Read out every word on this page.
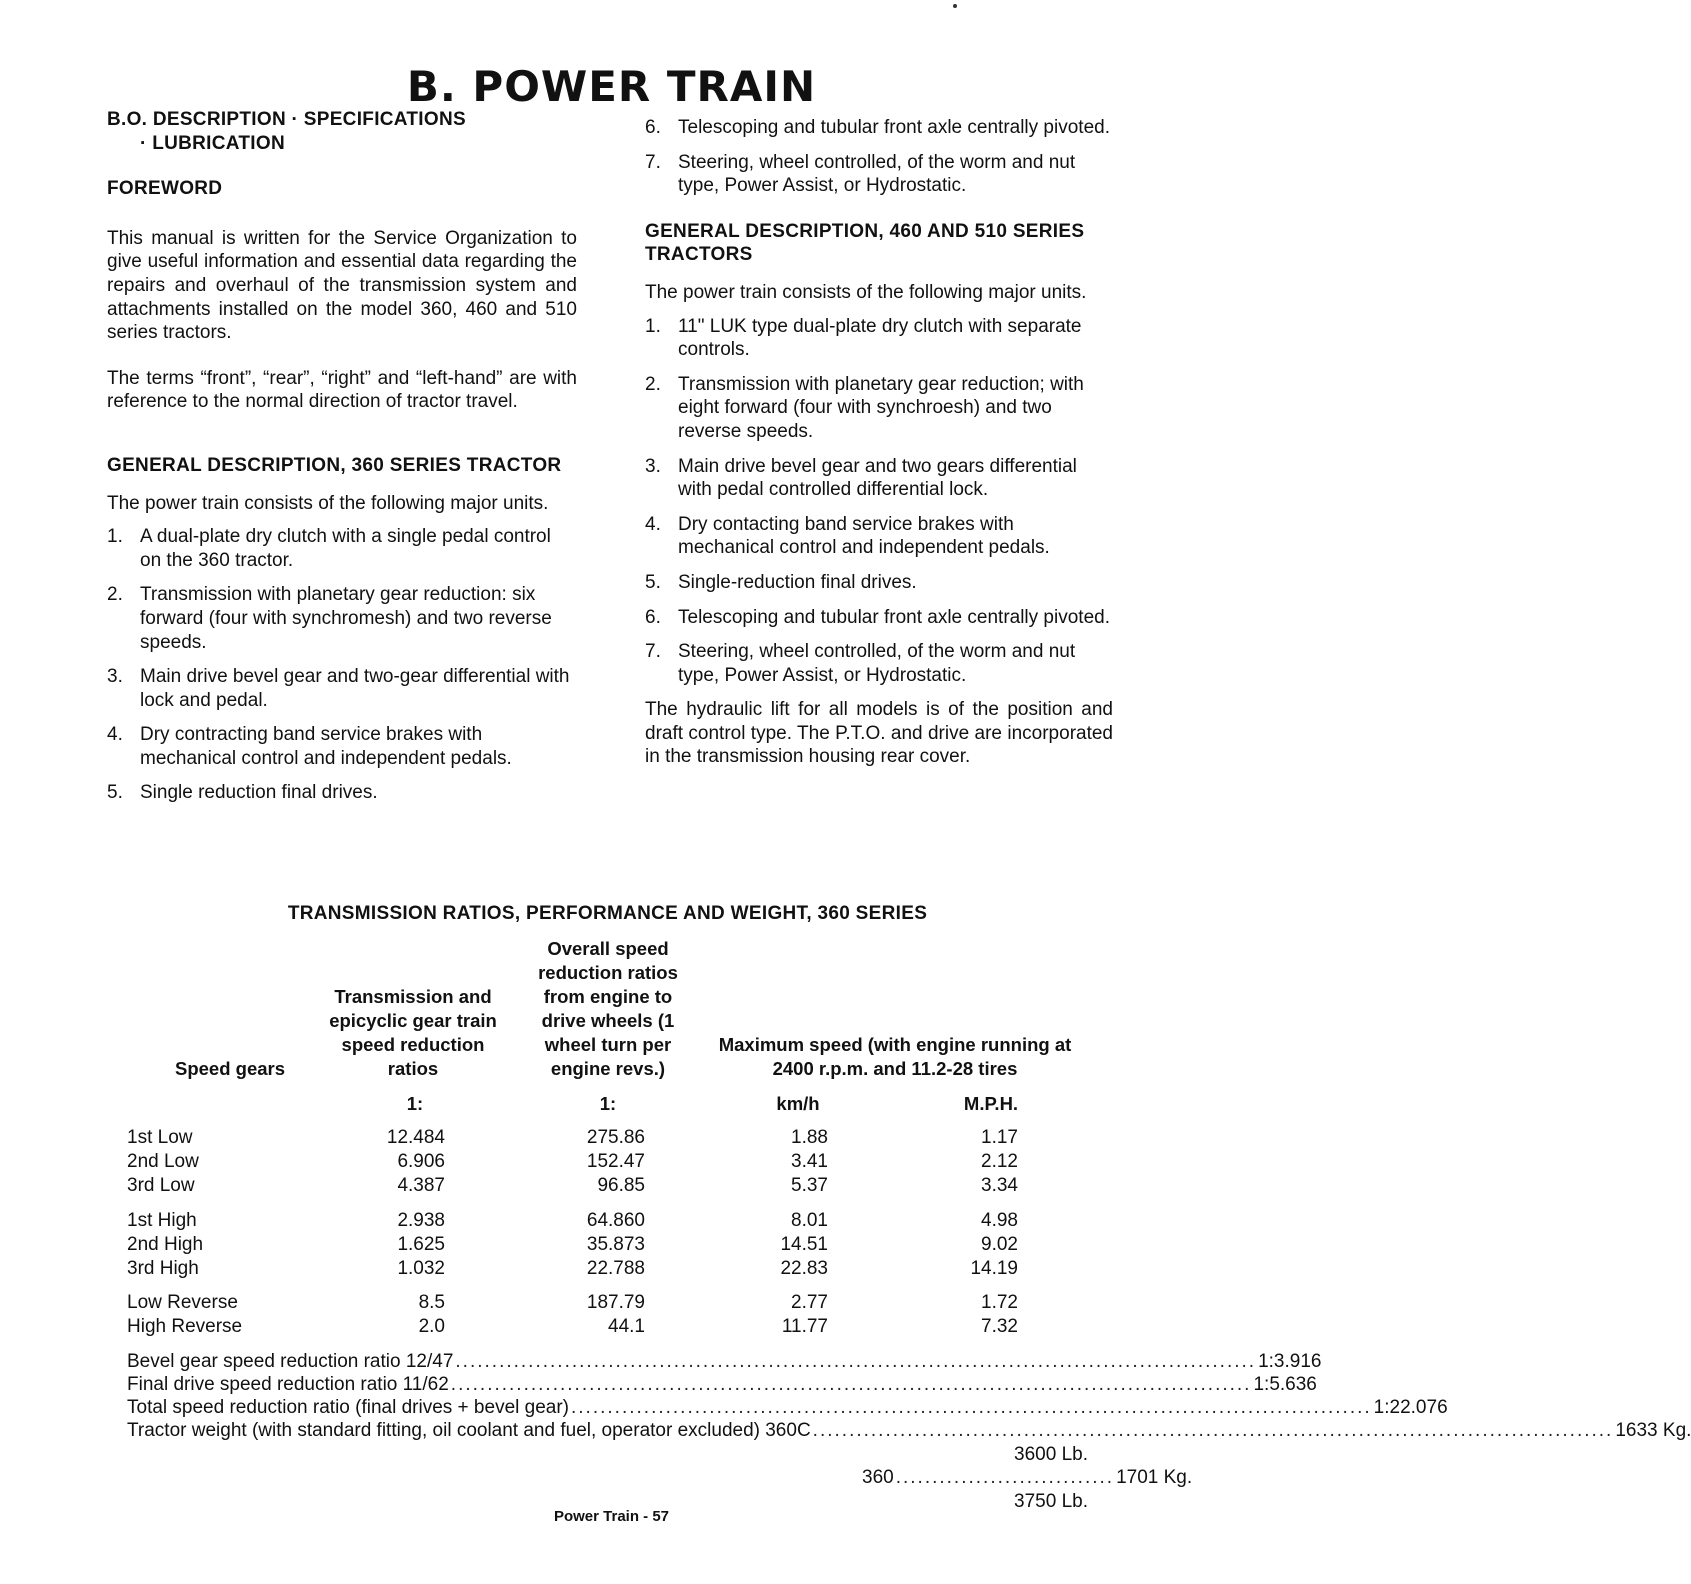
B. POWER TRAIN
B.O. DESCRIPTION · SPECIFICATIONS
· LUBRICATION
FOREWORD

This manual is written for the Service Organization to give useful information and essential data regarding the repairs and overhaul of the transmission system and attachments installed on the model 360, 460 and 510 series tractors.

The terms “front”, “rear”, “right” and “left-hand” are with reference to the normal direction of tractor travel.

GENERAL DESCRIPTION, 360 SERIES TRACTOR

The power train consists of the following major units.

1. A dual-plate dry clutch with a single pedal control on the 360 tractor.
2. Transmission with planetary gear reduction: six forward (four with synchromesh) and two reverse speeds.
3. Main drive bevel gear and two-gear differential with lock and pedal.
4. Dry contracting band service brakes with mechanical control and independent pedals.
5. Single reduction final drives.
6. Telescoping and tubular front axle centrally pivoted.
7. Steering, wheel controlled, of the worm and nut type, Power Assist, or Hydrostatic.
GENERAL DESCRIPTION, 460 AND 510 SERIES TRACTORS

The power train consists of the following major units.

1. 11" LUK type dual-plate dry clutch with separate controls.
2. Transmission with planetary gear reduction; with eight forward (four with synchroesh) and two reverse speeds.
3. Main drive bevel gear and two gears differential with pedal controlled differential lock.
4. Dry contacting band service brakes with mechanical control and independent pedals.
5. Single-reduction final drives.
6. Telescoping and tubular front axle centrally pivoted.
7. Steering, wheel controlled, of the worm and nut type, Power Assist, or Hydrostatic.

The hydraulic lift for all models is of the position and draft control type. The P.T.O. and drive are incorporated in the transmission housing rear cover.

TRANSMISSION RATIOS, PERFORMANCE AND WEIGHT, 360 SERIES
Speed gears
Transmission and epicyclic gear train speed reduction ratios
Overall speed reduction ratios from engine to drive wheels (1 wheel turn per engine revs.)
Maximum speed (with engine running at 2400 r.p.m. and 11.2-28 tires
1:	1:	km/h	M.P.H.
1st Low	12.484	275.86	1.88	1.17
2nd Low	6.906	152.47	3.41	2.12
3rd Low	4.387	96.85	5.37	3.34
1st High	2.938	64.860	8.01	4.98
2nd High	1.625	35.873	14.51	9.02
3rd High	1.032	22.788	22.83	14.19
Low Reverse	8.5	187.79	2.77	1.72
High Reverse	2.0	44.1	11.77	7.32
Bevel gear speed reduction ratio 12/47 .............................................................................................................. 1:3.916
Final drive speed reduction ratio 11/62 .............................................................................................................. 1:5.636
Total speed reduction ratio (final drives + bevel gear) .............................................................................................................. 1:22.076
Tractor weight (with standard fitting, oil coolant and fuel, operator excluded) 360C .............................................................................................................. 1633 Kg.
3600 Lb.
360 .............................. 1701 Kg.
3750 Lb.
Power Train - 57
